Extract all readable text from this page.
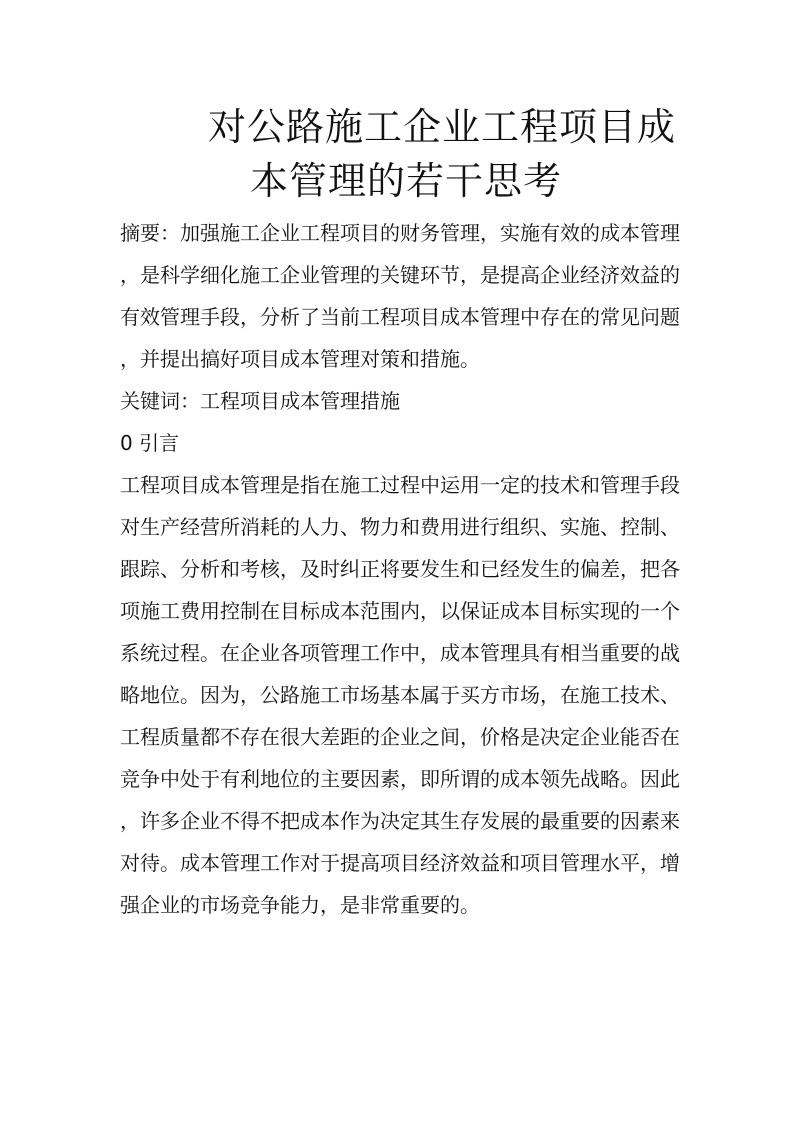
对公路施工企业工程项目成
本管理的若干思考

摘要：加强施工企业工程项目的财务管理，实施有效的成本管理，是科学细化施工企业管理的关键环节，是提高企业经济效益的有效管理手段，分析了当前工程项目成本管理中存在的常见问题，并提出搞好项目成本管理对策和措施。

关键词：工程项目成本管理措施

0 引言

工程项目成本管理是指在施工过程中运用一定的技术和管理手段对生产经营所消耗的人力、物力和费用进行组织、实施、控制、跟踪、分析和考核，及时纠正将要发生和已经发生的偏差，把各项施工费用控制在目标成本范围内，以保证成本目标实现的一个系统过程。在企业各项管理工作中，成本管理具有相当重要的战略地位。因为，公路施工市场基本属于买方市场，在施工技术、工程质量都不存在很大差距的企业之间，价格是决定企业能否在竞争中处于有利地位的主要因素，即所谓的成本领先战略。因此，许多企业不得不把成本作为决定其生存发展的最重要的因素来对待。成本管理工作对于提高项目经济效益和项目管理水平，增强企业的市场竞争能力，是非常重要的。
